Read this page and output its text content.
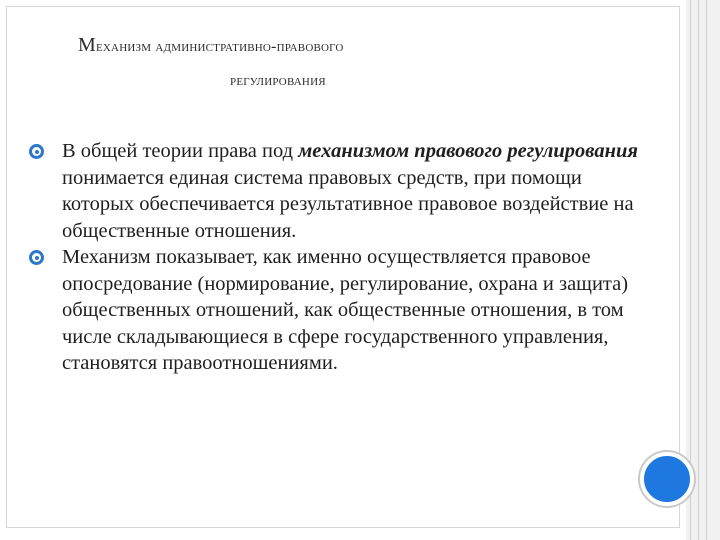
Механизм административно-правового
регулирования
В общей теории права под механизмом правового регулирования понимается единая система правовых средств, при помощи которых обеспечивается результативное правовое воздействие на общественные отношения.
Механизм показывает, как именно осуществляется правовое опосредование (нормирование, регулирование, охрана и защита) общественных отношений, как общественные отношения, в том числе складывающиеся в сфере государственного управления, становятся правоотношениями.
